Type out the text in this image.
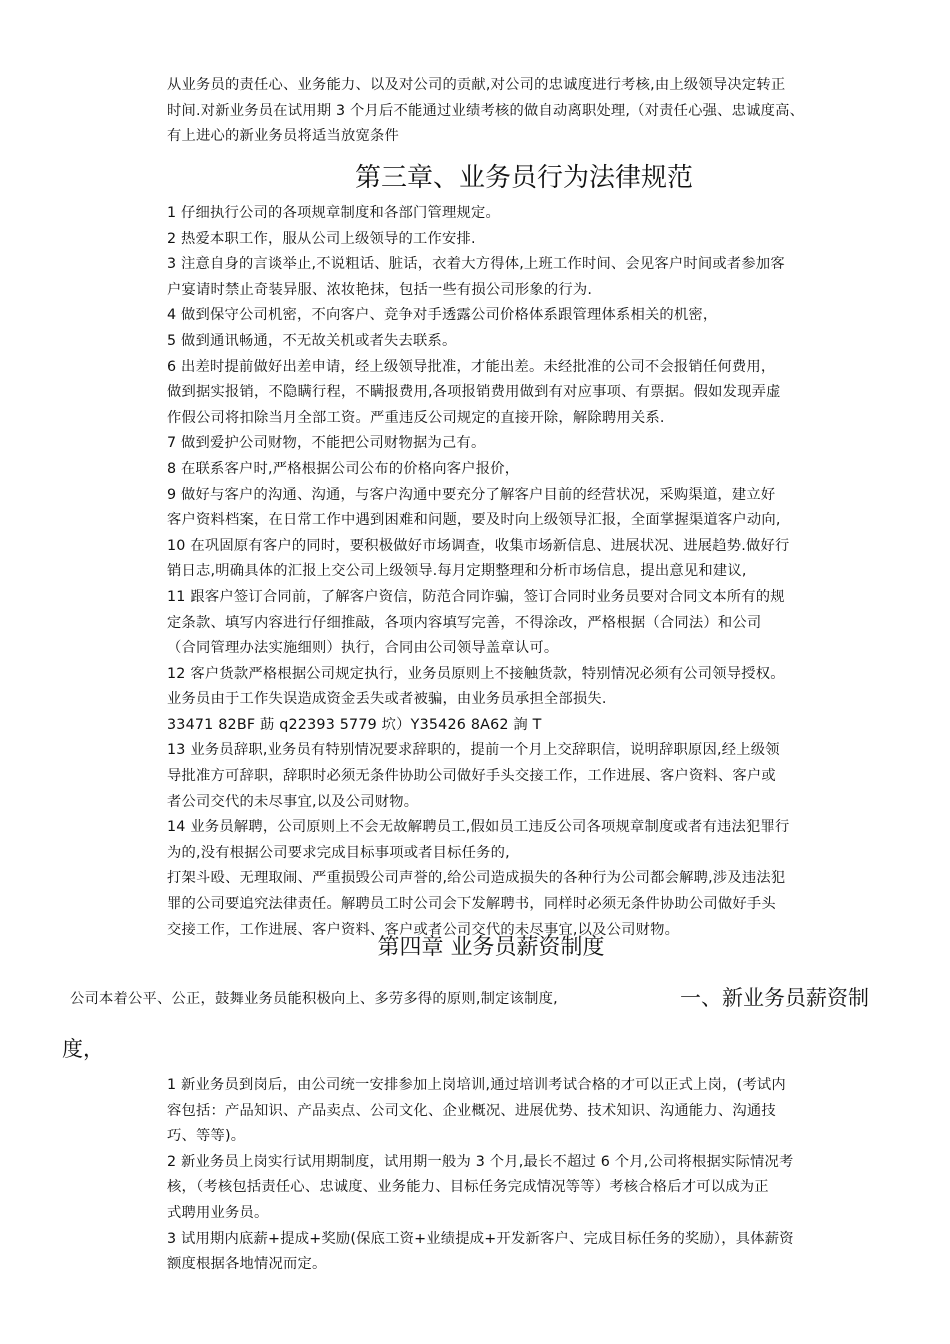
从业务员的责任心、业务能力、以及对公司的贡献,对公司的忠诚度进行考核,由上级领导决定转正

时间.对新业务员在试用期 3 个月后不能通过业绩考核的做自动离职处理,（对责任心强、忠诚度高、

有上进心的新业务员将适当放宽条件

第三章、业务员行为法律规范

1 仔细执行公司的各项规章制度和各部门管理规定。

2 热爱本职工作，服从公司上级领导的工作安排.

3 注意自身的言谈举止,不说粗话、脏话，衣着大方得体,上班工作时间、会见客户时间或者参加客

户宴请时禁止奇装异服、浓妆艳抹，包括一些有损公司形象的行为.

4 做到保守公司机密，不向客户、竞争对手透露公司价格体系跟管理体系相关的机密，

5 做到通讯畅通，不无故关机或者失去联系。

6 出差时提前做好出差申请，经上级领导批准，才能出差。未经批准的公司不会报销任何费用，

做到据实报销，不隐瞒行程，不瞒报费用,各项报销费用做到有对应事项、有票据。假如发现弄虚

作假公司将扣除当月全部工资。严重违反公司规定的直接开除，解除聘用关系.

7 做到爱护公司财物，不能把公司财物据为己有。

8 在联系客户时,严格根据公司公布的价格向客户报价，

9 做好与客户的沟通、沟通，与客户沟通中要充分了解客户目前的经营状况，采购渠道，建立好

客户资料档案，在日常工作中遇到困难和问题，要及时向上级领导汇报，全面掌握渠道客户动向,

10 在巩固原有客户的同时，要积极做好市场调查，收集市场新信息、进展状况、进展趋势.做好行

销日志,明确具体的汇报上交公司上级领导.每月定期整理和分析市场信息，提出意见和建议,

11 跟客户签订合同前，了解客户资信，防范合同诈骗，签订合同时业务员要对合同文本所有的规

定条款、填写内容进行仔细推敲，各项内容填写完善，不得涂改，严格根据（合同法）和公司

（合同管理办法实施细则）执行，合同由公司领导盖章认可。

12 客户货款严格根据公司规定执行，业务员原则上不接触货款，特别情况必须有公司领导授权。

业务员由于工作失误造成资金丢失或者被骗，由业务员承担全部损失.

33471 82BF 莇 q22393 5779 坹）Y35426 8A62 詢 T

13 业务员辞职,业务员有特别情况要求辞职的，提前一个月上交辞职信，说明辞职原因,经上级领

导批准方可辞职，辞职时必须无条件协助公司做好手头交接工作，工作进展、客户资料、客户或

者公司交代的未尽事宜,以及公司财物。

14 业务员解聘，公司原则上不会无故解聘员工,假如员工违反公司各项规章制度或者有违法犯罪行

为的,没有根据公司要求完成目标事项或者目标任务的,

打架斗殴、无理取闹、严重损毁公司声誉的,给公司造成损失的各种行为公司都会解聘,涉及违法犯

罪的公司要追究法律责任。解聘员工时公司会下发解聘书，同样时必须无条件协助公司做好手头

交接工作，工作进展、客户资料、客户或者公司交代的未尽事宜,以及公司财物。

第四章 业务员薪资制度
公司本着公平、公正，鼓舞业务员能积极向上、多劳多得的原则,制定该制度,	一、新业务员薪资制
度，

1 新业务员到岗后，由公司统一安排参加上岗培训,通过培训考试合格的才可以正式上岗，(考试内

容包括：产品知识、产品卖点、公司文化、企业概况、进展优势、技术知识、沟通能力、沟通技

巧、等等)。

2 新业务员上岗实行试用期制度，试用期一般为 3 个月,最长不超过 6 个月,公司将根据实际情况考

核，（考核包括责任心、忠诚度、业务能力、目标任务完成情况等等）考核合格后才可以成为正

式聘用业务员。

3 试用期内底薪+提成+奖励(保底工资+业绩提成+开发新客户、完成目标任务的奖励），具体薪资

额度根据各地情况而定。
